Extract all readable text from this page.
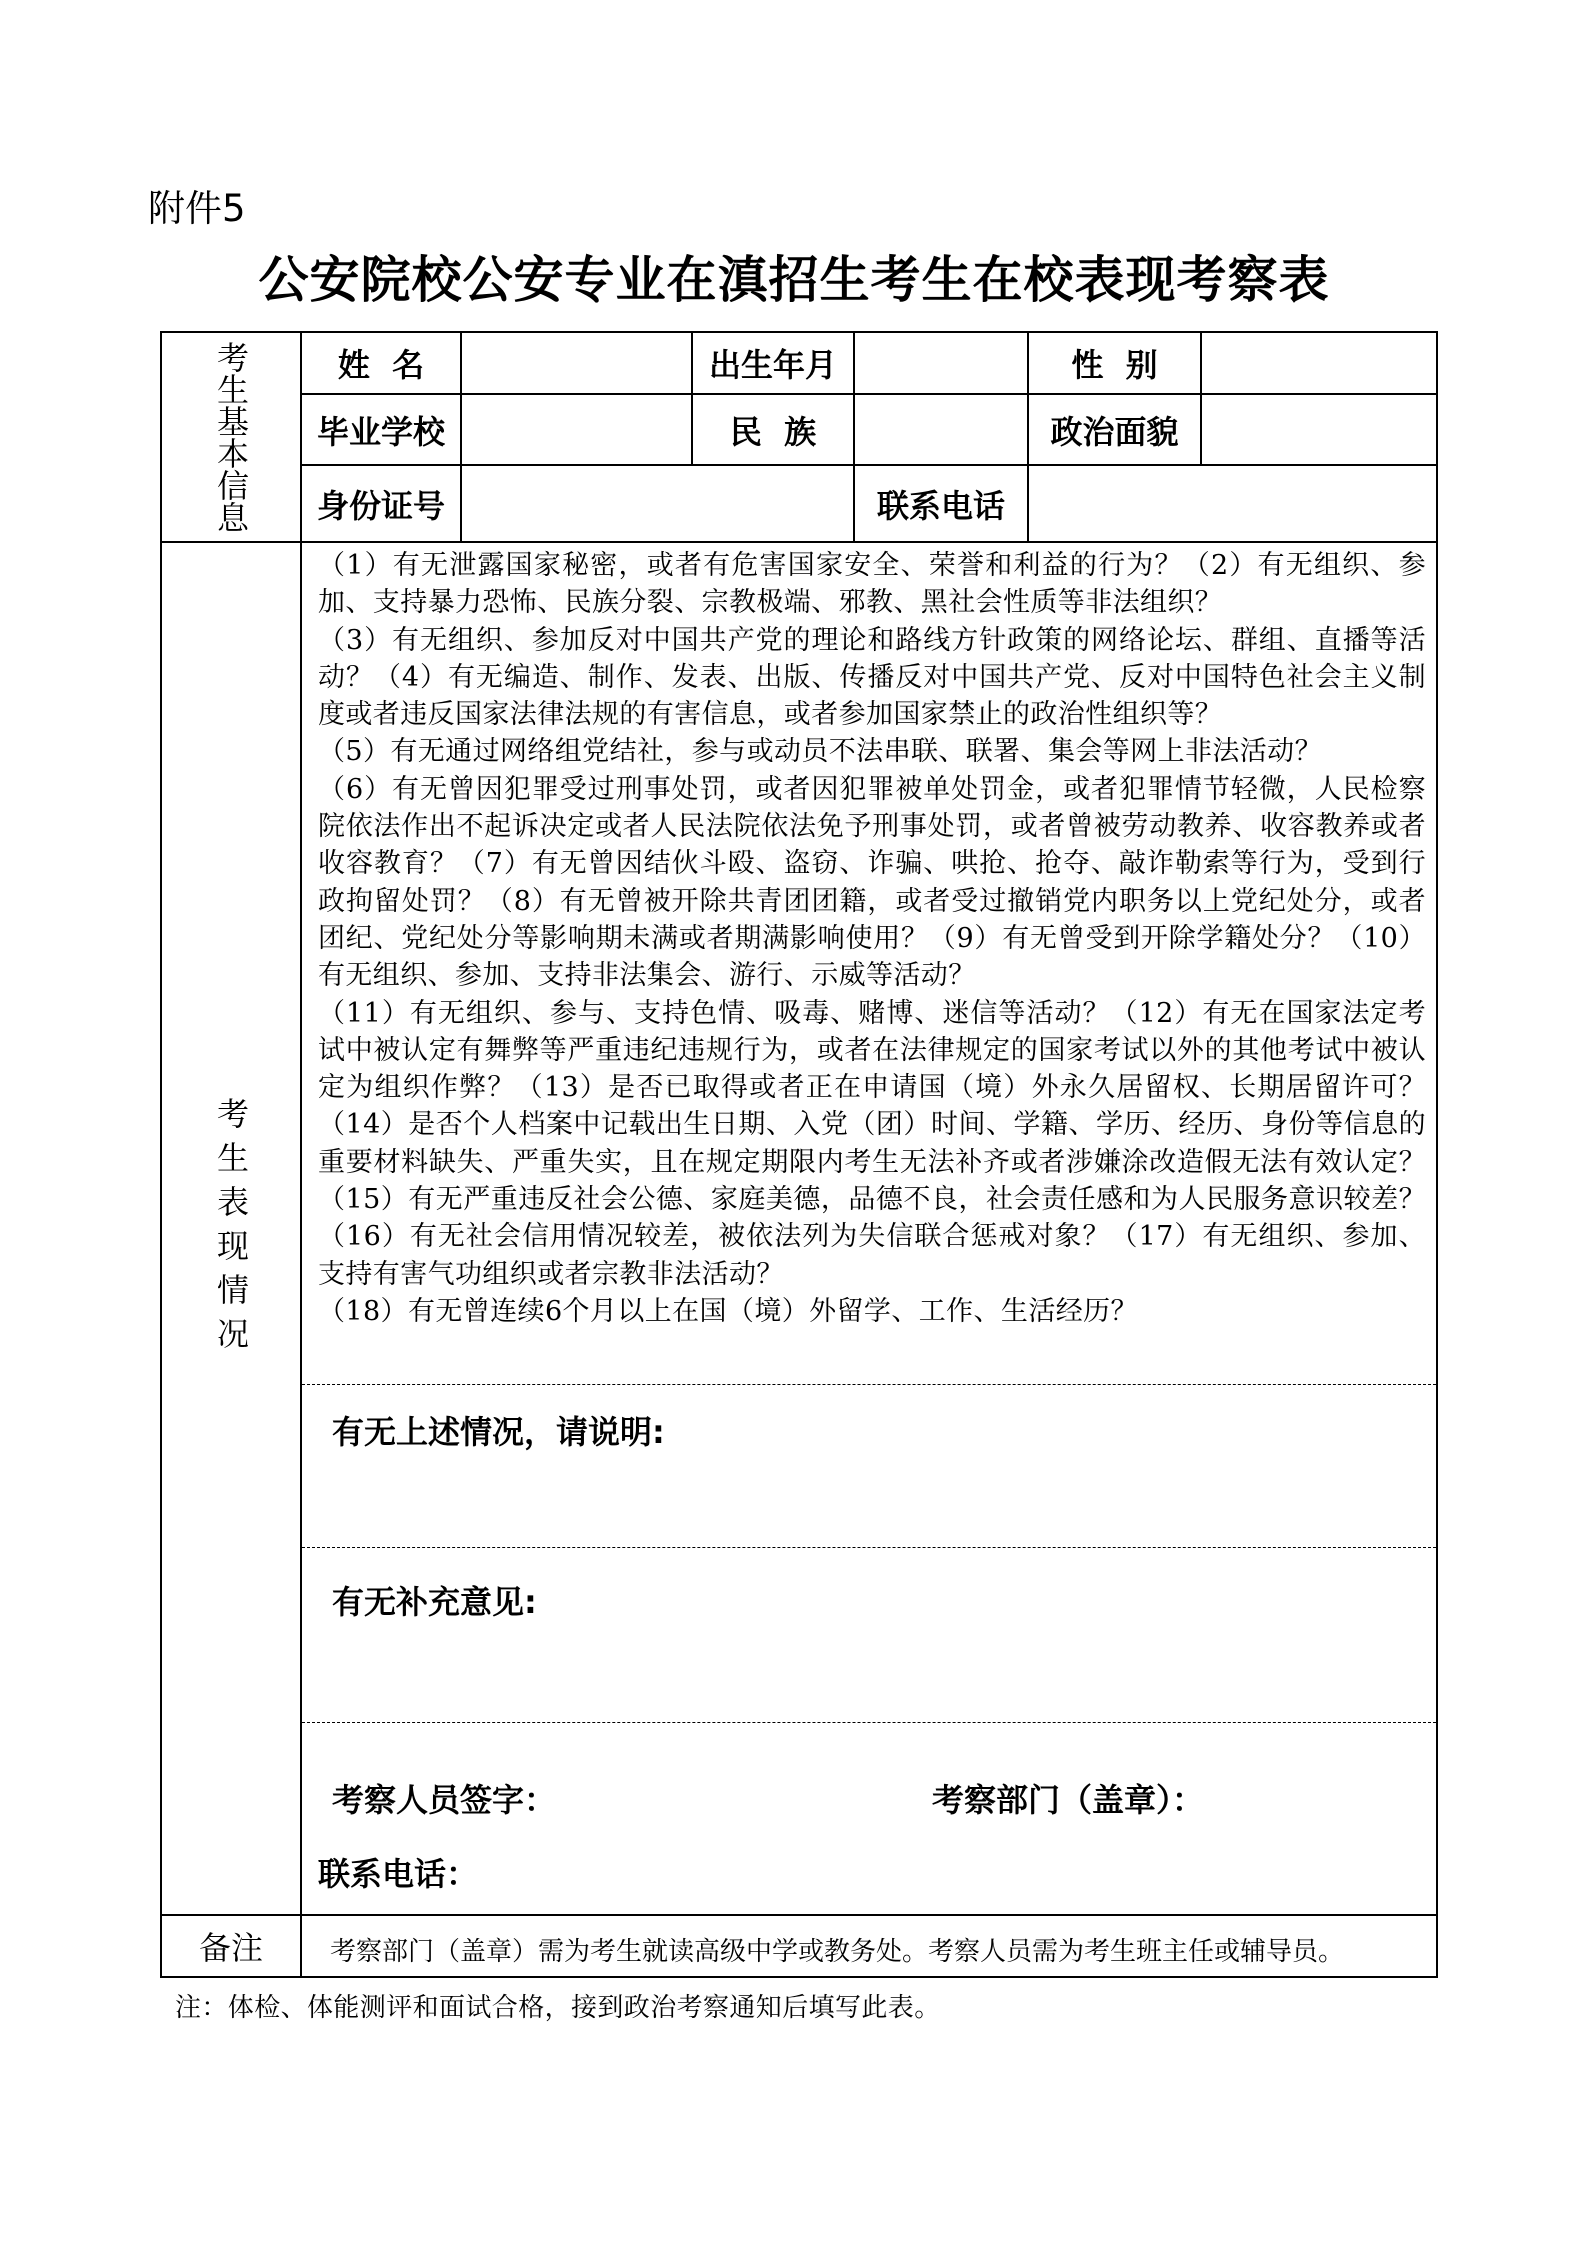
附件5
公安院校公安专业在滇招生考生在校表现考察表
考生基本信息	姓  名	出生年月	性  别
毕业学校	民  族	政治面貌
身份证号	联系电话
考生表现情况

（1）有无泄露国家秘密，或者有危害国家安全、荣誉和利益的行为？（2）有无组织、参加、支持暴力恐怖、民族分裂、宗教极端、邪教、黑社会性质等非法组织？

（3）有无组织、参加反对中国共产党的理论和路线方针政策的网络论坛、群组、直播等活动？（4）有无编造、制作、发表、出版、传播反对中国共产党、反对中国特色社会主义制度或者违反国家法律法规的有害信息，或者参加国家禁止的政治性组织等？

（5）有无通过网络组党结社，参与或动员不法串联、联署、集会等网上非法活动？

（6）有无曾因犯罪受过刑事处罚，或者因犯罪被单处罚金，或者犯罪情节轻微，人民检察院依法作出不起诉决定或者人民法院依法免予刑事处罚，或者曾被劳动教养、收容教养或者收容教育？（7）有无曾因结伙斗殴、盗窃、诈骗、哄抢、抢夺、敲诈勒索等行为，受到行政拘留处罚？（8）有无曾被开除共青团团籍，或者受过撤销党内职务以上党纪处分，或者团纪、党纪处分等影响期未满或者期满影响使用？（9）有无曾受到开除学籍处分？（10）有无组织、参加、支持非法集会、游行、示威等活动？

（11）有无组织、参与、支持色情、吸毒、赌博、迷信等活动？（12）有无在国家法定考试中被认定有舞弊等严重违纪违规行为，或者在法律规定的国家考试以外的其他考试中被认定为组织作弊？（13）是否已取得或者正在申请国（境）外永久居留权、长期居留许可？（14）是否个人档案中记载出生日期、入党（团）时间、学籍、学历、经历、身份等信息的重要材料缺失、严重失实，且在规定期限内考生无法补齐或者涉嫌涂改造假无法有效认定？（15）有无严重违反社会公德、家庭美德，品德不良，社会责任感和为人民服务意识较差？（16）有无社会信用情况较差，被依法列为失信联合惩戒对象？（17）有无组织、参加、支持有害气功组织或者宗教非法活动？

（18）有无曾连续6个月以上在国（境）外留学、工作、生活经历？

有无上述情况，请说明:
有无补充意见:
考察人员签字：	考察部门（盖章）：
联系电话：
备注	考察部门（盖章）需为考生就读高级中学或教务处。考察人员需为考生班主任或辅导员。
注：体检、体能测评和面试合格，接到政治考察通知后填写此表。
